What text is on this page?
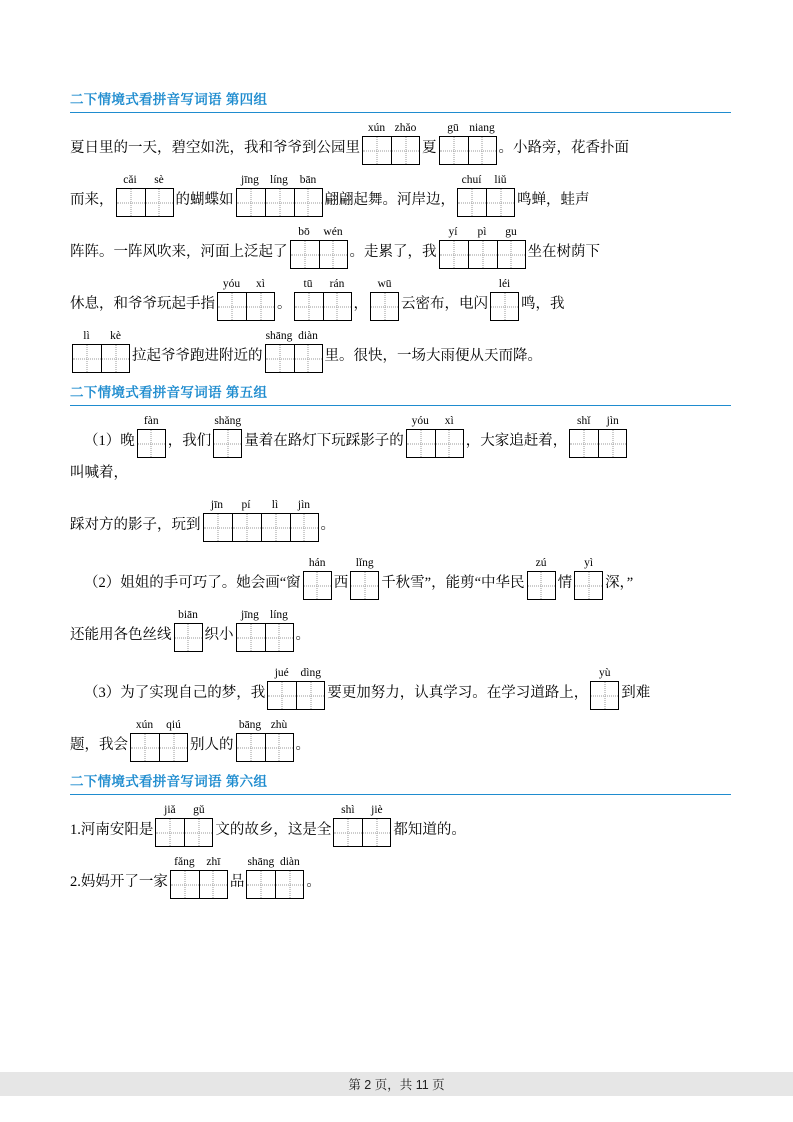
二下情境式看拼音写词语 第四组
夏日里的一天，碧空如洗，我和爷爷到公园里
xún zhǎo
夏
gū niang
。小路旁，花香扑面
而来，
cǎi	sè
的蝴蝶如
jīng líng	bān
翩翩起舞。河岸边，
chuí	liǔ
鸣蝉，蛙声
阵阵。一阵风吹来，河面上泛起了
bō	wén
。走累了，我
yí	pì	gu
坐在树荫下
休息，和爷爷玩起手指
yóu	xì
。
tū	rán
，
wū
云密布，电闪
léi
鸣，我
lì	kè
拉起爷爷跑进附近的
shāng diàn
里。很快，一场大雨便从天而降。
二下情境式看拼音写词语 第五组
（1）晚
fàn
，我们
shǎng
量着在路灯下玩踩影子的
yóu	xì
，大家追赶着，
shǐ	jìn
叫喊着，
踩对方的影子，玩到
jīn	pí	lì	jìn
。
（2）姐姐的手可巧了。她会画“窗
hán
西
lǐng
千秋雪”，能剪“中华民
zú
情
yì
深，”
还能用各色丝线
biān
织小
jīng líng
。
（3）为了实现自己的梦，我
jué	dìng
要更加努力，认真学习。在学习道路上，
yù
到难
题，我会
xún	qiú
别人的
bāng zhù
。
二下情境式看拼音写词语 第六组
1.河南安阳是
jiǎ	gǔ
文的故乡，这是全
shì	jiè
都知道的。
2.妈妈开了一家
fǎng	zhī
品
shāng diàn
。
第 2 页，共 11 页
